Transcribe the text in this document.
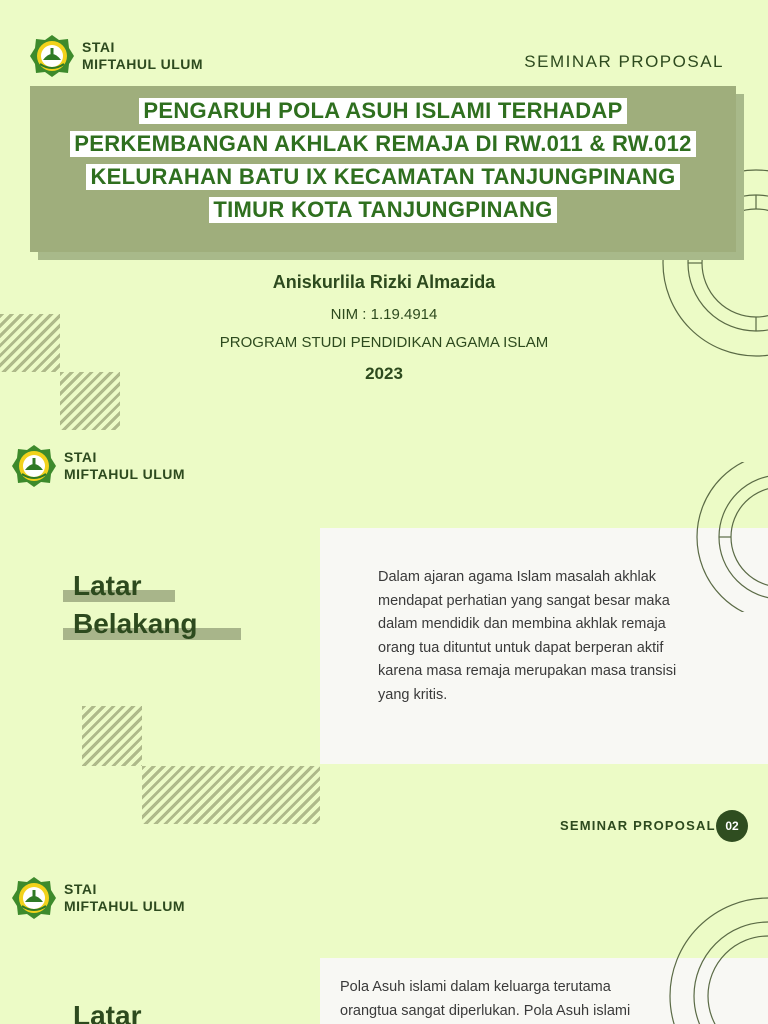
STAI
MIFTAHUL ULUM	SEMINAR PROPOSAL
PENGARUH POLA ASUH ISLAMI TERHADAP
PERKEMBANGAN AKHLAK REMAJA DI RW.011 & RW.012
KELURAHAN BATU IX KECAMATAN TANJUNGPINANG
TIMUR KOTA TANJUNGPINANG
Aniskurlila Rizki Almazida
NIM : 1.19.4914
PROGRAM STUDI PENDIDIKAN AGAMA ISLAM
2023
STAI
MIFTAHUL ULUM
Latar
Belakang
Dalam ajaran agama Islam masalah akhlak
mendapat perhatian yang sangat besar maka
dalam mendidik dan membina akhlak remaja
orang tua dituntut untuk dapat berperan aktif
karena masa remaja merupakan masa transisi
yang kritis.
SEMINAR PROPOSAL 02
STAI
MIFTAHUL ULUM
Latar
Pola Asuh islami dalam keluarga terutama
orangtua sangat diperlukan. Pola Asuh islami
